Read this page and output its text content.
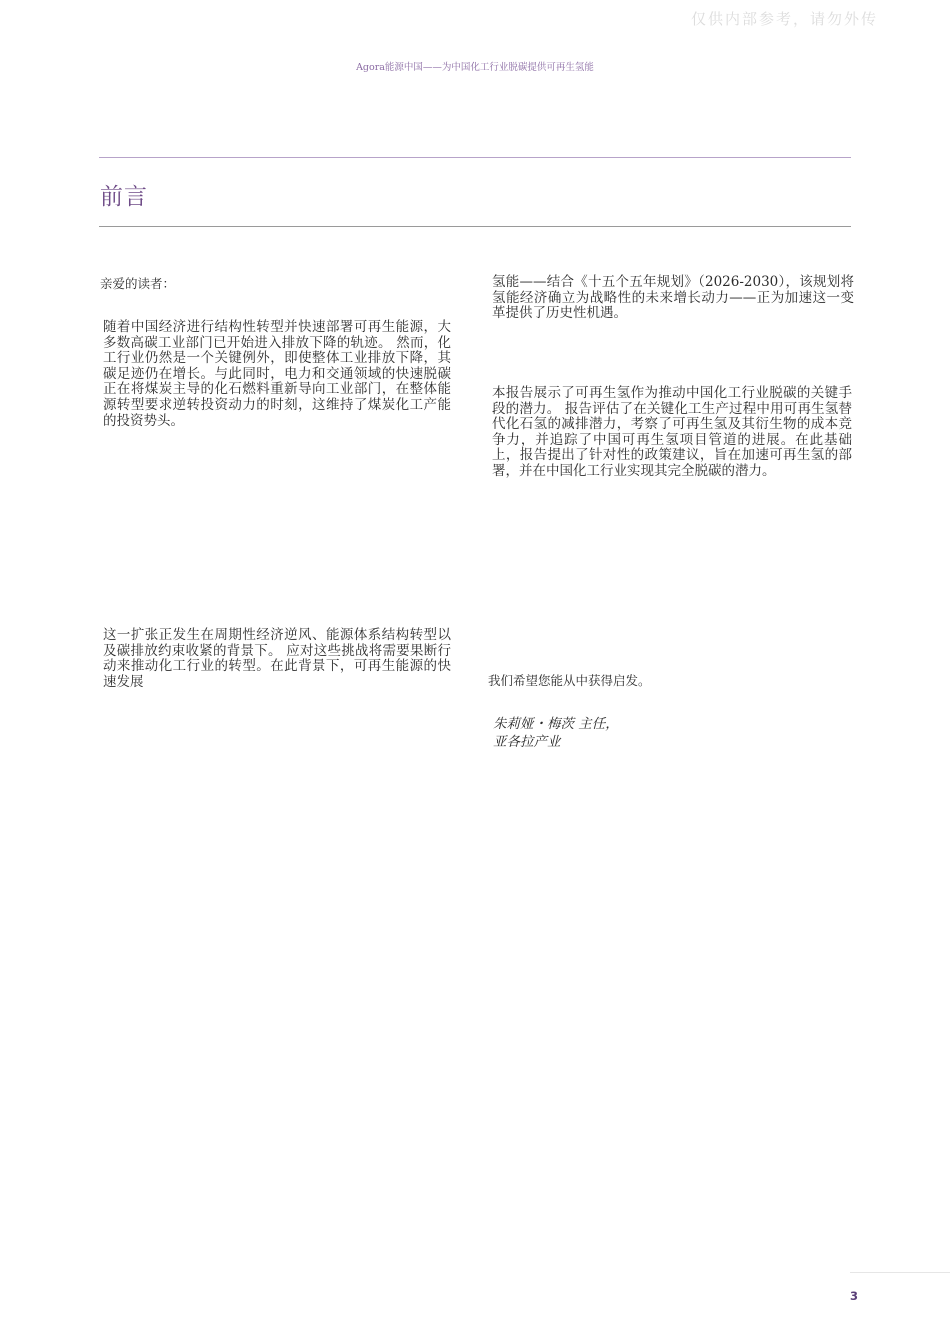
仅供内部参考，请勿外传
Agora能源中国——为中国化工行业脱碳提供可再生氢能
前言
亲爱的读者：

随着中国经济进行结构性转型并快速部署可再生能源，大多数高碳工业部门已开始进入排放下降的轨迹。 然而，化工行业仍然是一个关键例外，即使整体工业排放下降，其碳足迹仍在增长。与此同时，电力和交通领域的快速脱碳正在将煤炭主导的化石燃料重新导向工业部门，在整体能源转型要求逆转投资动力的时刻，这维持了煤炭化工产能的投资势头。

这一扩张正发生在周期性经济逆风、能源体系结构转型以及碳排放约束收紧的背景下。 应对这些挑战将需要果断行动来推动化工行业的转型。在此背景下，可再生能源的快速发展

氢能——结合《十五个五年规划》（2026-2030），该规划将氢能经济确立为战略性的未来增长动力——正为加速这一变革提供了历史性机遇。

本报告展示了可再生氢作为推动中国化工行业脱碳的关键手段的潜力。 报告评估了在关键化工生产过程中用可再生氢替代化石氢的减排潜力，考察了可再生氢及其衍生物的成本竞争力，并追踪了中国可再生氢项目管道的进展。在此基础上，报告提出了针对性的政策建议，旨在加速可再生氢的部署，并在中国化工行业实现其完全脱碳的潜力。

我们希望您能从中获得启发。
朱莉娅・梅茨 主任，
亚各拉产业
3
